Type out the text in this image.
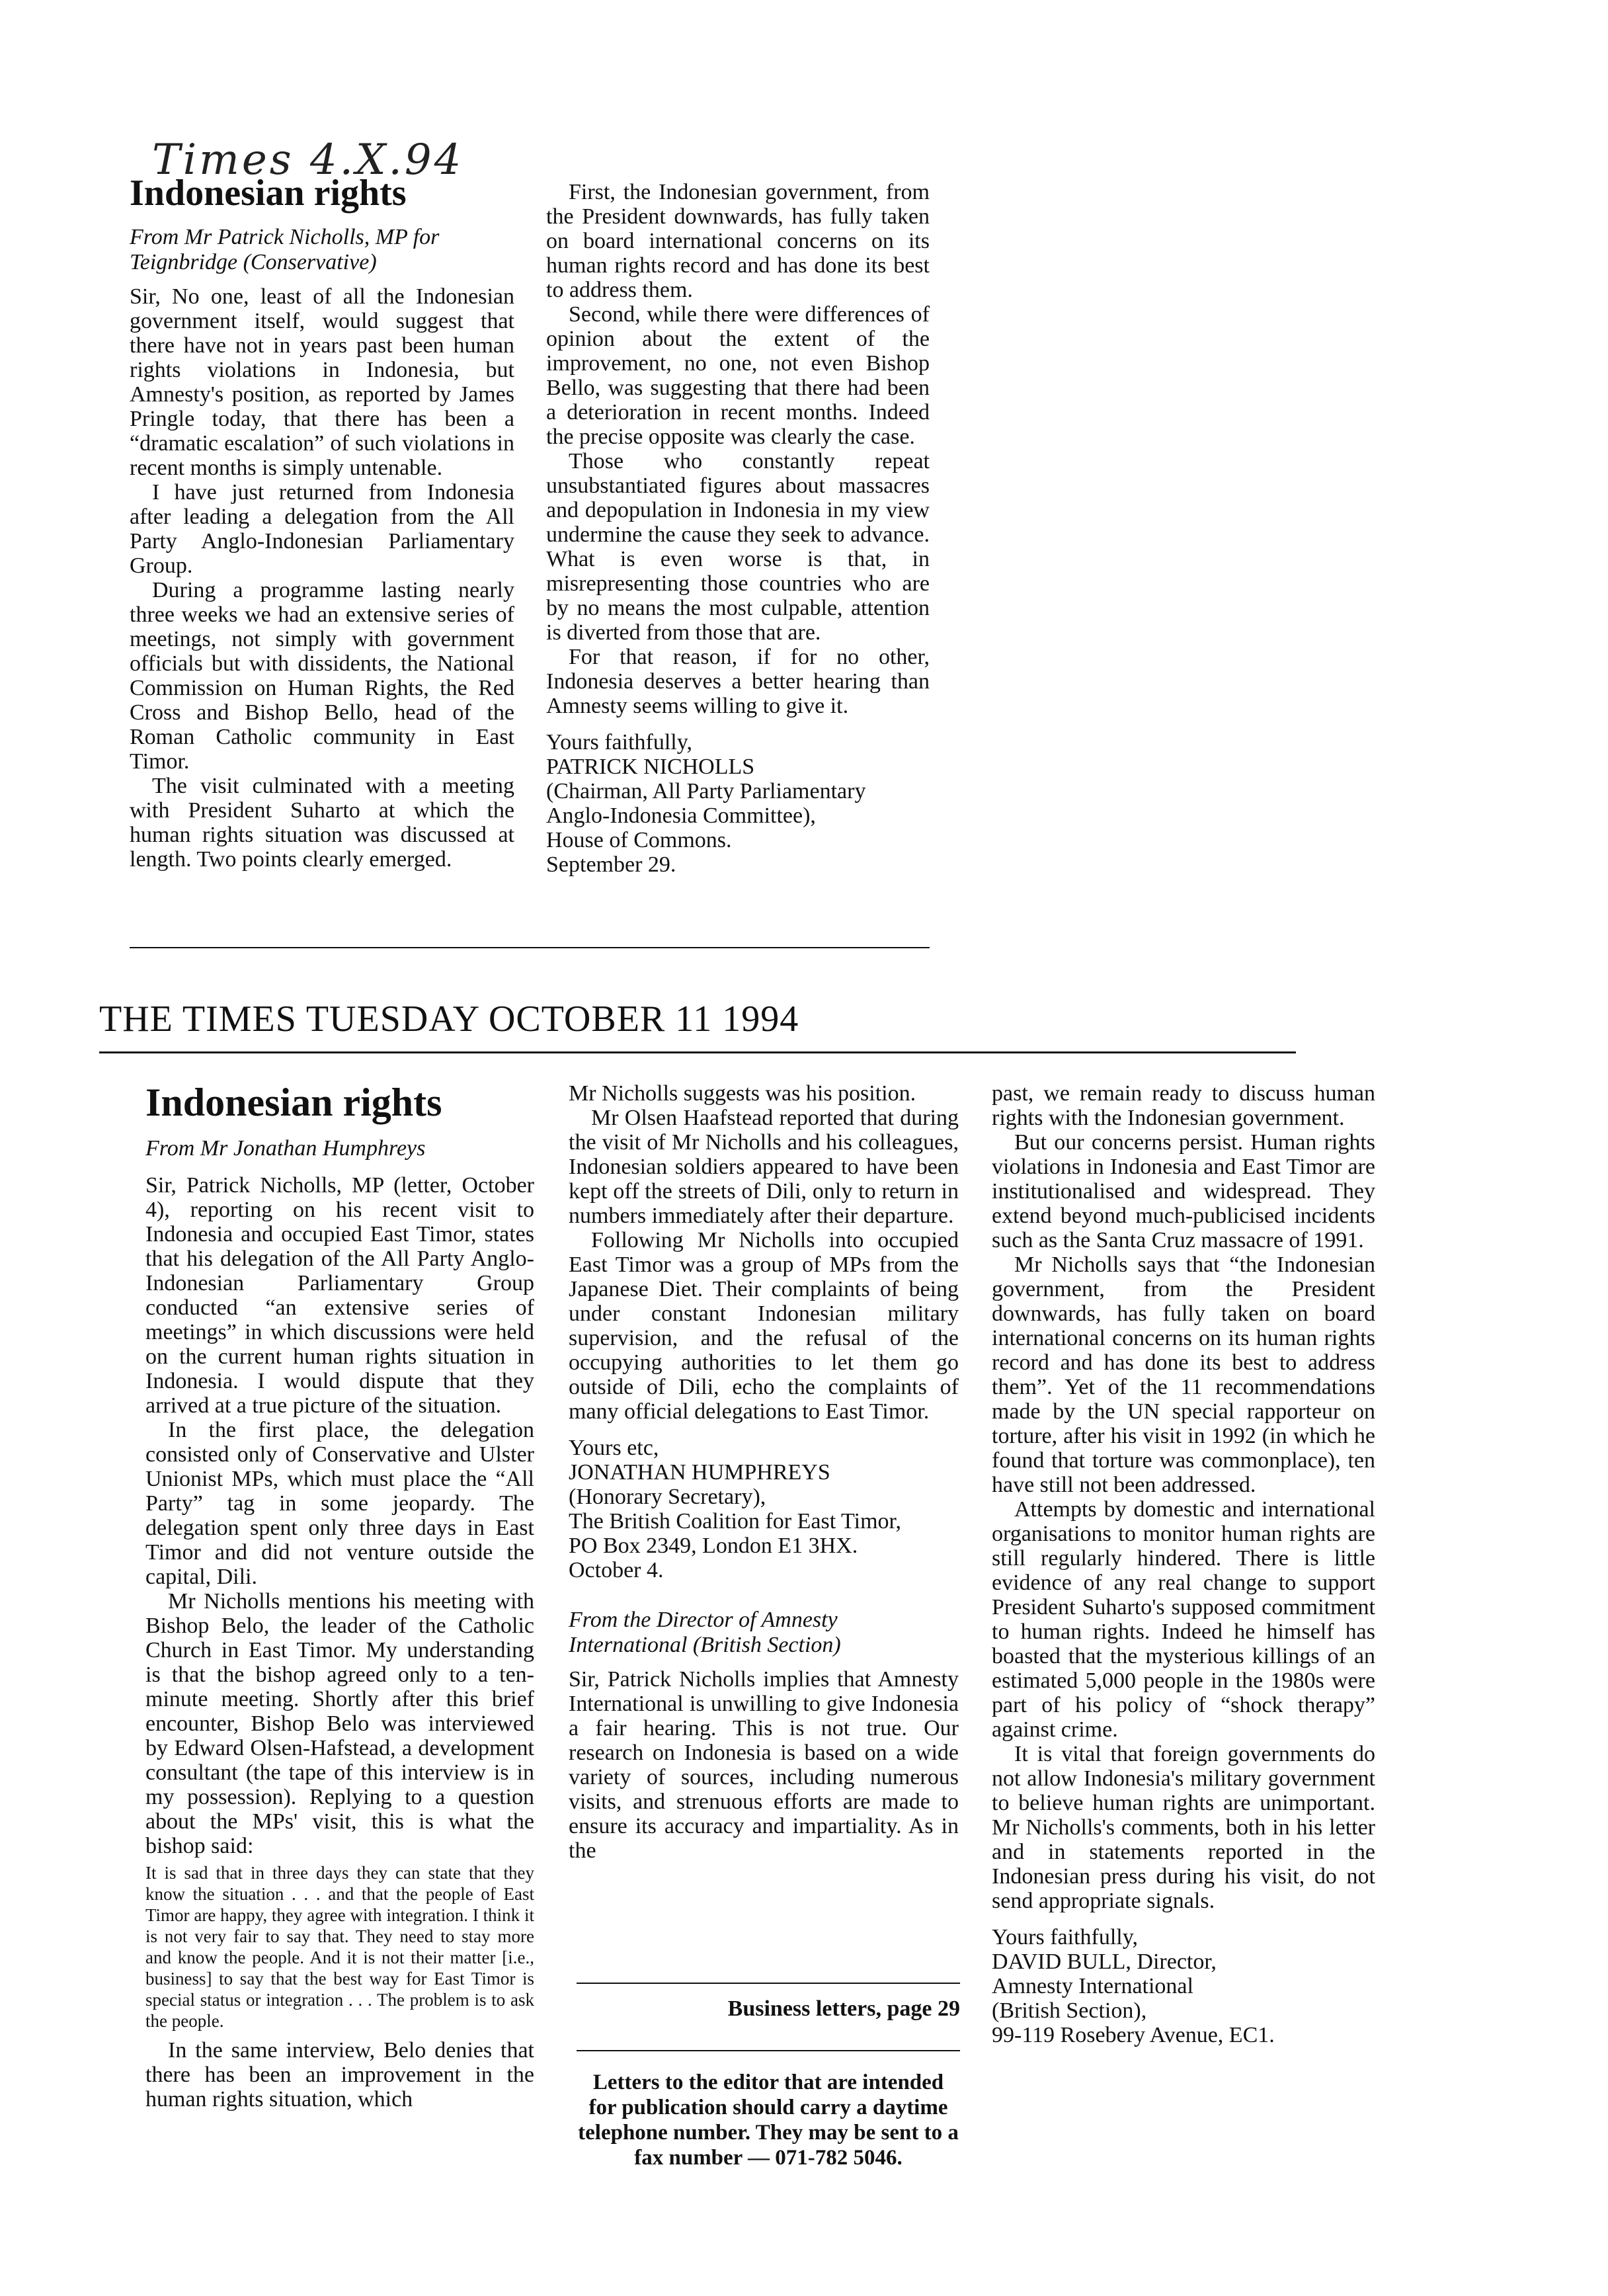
Times 4.X.94
Indonesian rights

From Mr Patrick Nicholls, MP for Teignbridge (Conservative)

Sir, No one, least of all the Indonesian government itself, would suggest that there have not in years past been human rights violations in Indonesia, but Amnesty's position, as reported by James Pringle today, that there has been a “dramatic escalation” of such violations in recent months is simply untenable.

I have just returned from Indonesia after leading a delegation from the All Party Anglo-Indonesian Parliamentary Group.

During a programme lasting nearly three weeks we had an extensive series of meetings, not simply with government officials but with dissidents, the National Commission on Human Rights, the Red Cross and Bishop Bello, head of the Roman Catholic community in East Timor.

The visit culminated with a meeting with President Suharto at which the human rights situation was discussed at length. Two points clearly emerged.

First, the Indonesian government, from the President downwards, has fully taken on board international concerns on its human rights record and has done its best to address them.

Second, while there were differences of opinion about the extent of the improvement, no one, not even Bishop Bello, was suggesting that there had been a deterioration in recent months. Indeed the precise opposite was clearly the case.

Those who constantly repeat unsubstantiated figures about massacres and depopulation in Indonesia in my view undermine the cause they seek to advance. What is even worse is that, in misrepresenting those countries who are by no means the most culpable, attention is diverted from those that are.

For that reason, if for no other, Indonesia deserves a better hearing than Amnesty seems willing to give it.

Yours faithfully,

PATRICK NICHOLLS

(Chairman, All Party Parliamentary

Anglo-Indonesia Committee),

House of Commons.

September 29.

THE TIMES TUESDAY OCTOBER 11 1994
Indonesian rights

From Mr Jonathan Humphreys

Sir, Patrick Nicholls, MP (letter, October 4), reporting on his recent visit to Indonesia and occupied East Timor, states that his delegation of the All Party Anglo-Indonesian Parliamentary Group conducted “an extensive series of meetings” in which discussions were held on the current human rights situation in Indonesia. I would dispute that they arrived at a true picture of the situation.

In the first place, the delegation consisted only of Conservative and Ulster Unionist MPs, which must place the “All Party” tag in some jeopardy. The delegation spent only three days in East Timor and did not venture outside the capital, Dili.

Mr Nicholls mentions his meeting with Bishop Belo, the leader of the Catholic Church in East Timor. My understanding is that the bishop agreed only to a ten-minute meeting. Shortly after this brief encounter, Bishop Belo was interviewed by Edward Olsen-Hafstead, a development consultant (the tape of this interview is in my possession). Replying to a question about the MPs' visit, this is what the bishop said:

It is sad that in three days they can state that they know the situation . . . and that the people of East Timor are happy, they agree with integration. I think it is not very fair to say that. They need to stay more and know the people. And it is not their matter [i.e., business] to say that the best way for East Timor is special status or integration . . . The problem is to ask the people.

In the same interview, Belo denies that there has been an improvement in the human rights situation, which

Mr Nicholls suggests was his position.

Mr Olsen Haafstead reported that during the visit of Mr Nicholls and his colleagues, Indonesian soldiers appeared to have been kept off the streets of Dili, only to return in numbers immediately after their departure.

Following Mr Nicholls into occupied East Timor was a group of MPs from the Japanese Diet. Their complaints of being under constant Indonesian military supervision, and the refusal of the occupying authorities to let them go outside of Dili, echo the complaints of many official delegations to East Timor.

Yours etc,

JONATHAN HUMPHREYS

(Honorary Secretary),

The British Coalition for East Timor,

PO Box 2349, London E1 3HX.

October 4.

From the Director of Amnesty International (British Section)

Sir, Patrick Nicholls implies that Amnesty International is unwilling to give Indonesia a fair hearing. This is not true. Our research on Indonesia is based on a wide variety of sources, including numerous visits, and strenuous efforts are made to ensure its accuracy and impartiality. As in the

Business letters, page 29
Letters to the editor that are intended for publication should carry a daytime telephone number. They may be sent to a fax number — 071-782 5046.

past, we remain ready to discuss human rights with the Indonesian government.

But our concerns persist. Human rights violations in Indonesia and East Timor are institutionalised and widespread. They extend beyond much-publicised incidents such as the Santa Cruz massacre of 1991.

Mr Nicholls says that “the Indonesian government, from the President downwards, has fully taken on board international concerns on its human rights record and has done its best to address them”. Yet of the 11 recommendations made by the UN special rapporteur on torture, after his visit in 1992 (in which he found that torture was commonplace), ten have still not been addressed.

Attempts by domestic and international organisations to monitor human rights are still regularly hindered. There is little evidence of any real change to support President Suharto's supposed commitment to human rights. Indeed he himself has boasted that the mysterious killings of an estimated 5,000 people in the 1980s were part of his policy of “shock therapy” against crime.

It is vital that foreign governments do not allow Indonesia's military government to believe human rights are unimportant. Mr Nicholls's comments, both in his letter and in statements reported in the Indonesian press during his visit, do not send appropriate signals.

Yours faithfully,

DAVID BULL, Director,

Amnesty International

(British Section),

99-119 Rosebery Avenue, EC1.
